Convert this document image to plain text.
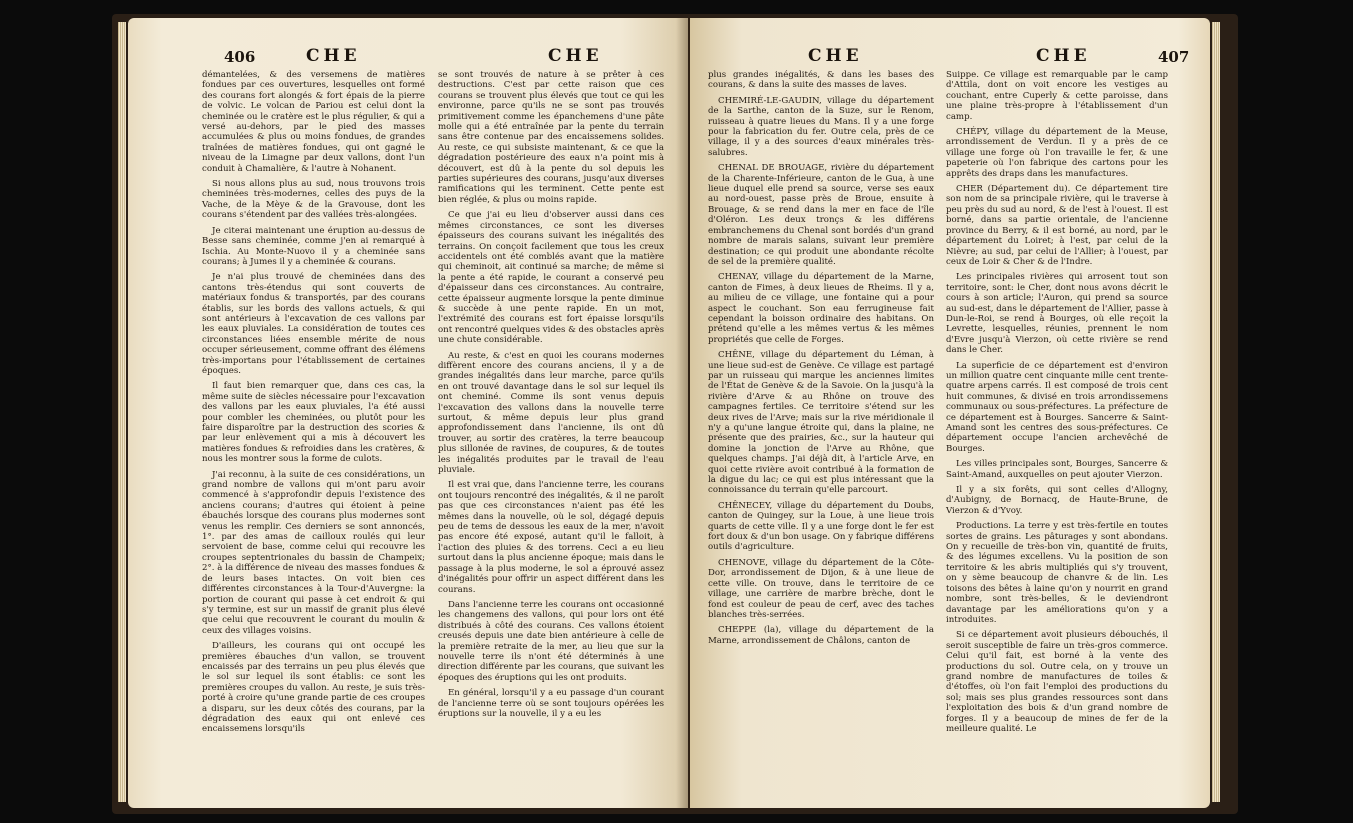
406	CHE	CHE

démantelées, & des versemens de matières fondues par ces ouvertures, lesquelles ont formé des courans fort alongés & fort épais de la pierre de volvic. Le volcan de Pariou est celui dont la cheminée ou le cratère est le plus régulier, & qui a versé au-dehors, par le pied des masses accumulées & plus ou moins fondues, de grandes traînées de matières fondues, qui ont gagné le niveau de la Limagne par deux vallons, dont l'un conduit à Chamalière, & l'autre à Nohanent.

Si nous allons plus au sud, nous trouvons trois cheminées très-modernes, celles des puys de la Vache, de la Mèye & de la Gravouse, dont les courans s'étendent par des vallées très-alongées.

Je citerai maintenant une éruption au-dessus de Besse sans cheminée, comme j'en ai remarqué à Ischia. Au Monte-Nuovo il y a cheminée sans courans; à Jumes il y a cheminée & courans.

Je n'ai plus trouvé de cheminées dans des cantons très-étendus qui sont couverts de matériaux fondus & transportés, par des courans établis, sur les bords des vallons actuels, & qui sont antérieurs à l'excavation de ces vallons par les eaux pluviales. La considération de toutes ces circonstances liées ensemble mérite de nous occuper sérieusement, comme offrant des élémens très-importans pour l'établissement de certaines époques.

Il faut bien remarquer que, dans ces cas, la même suite de siècles nécessaire pour l'excavation des vallons par les eaux pluviales, l'a été aussi pour combler les cheminées, ou plutôt pour les faire disparoître par la destruction des scories & par leur enlèvement qui a mis à découvert les matières fondues & refroidies dans les cratères, & nous les montrer sous la forme de culots.

J'ai reconnu, à la suite de ces considérations, un grand nombre de vallons qui m'ont paru avoir commencé à s'approfondir depuis l'existence des anciens courans; d'autres qui étoient à peine ébauchés lorsque des courans plus modernes sont venus les remplir. Ces derniers se sont annoncés, 1°. par des amas de cailloux roulés qui leur servoient de base, comme celui qui recouvre les croupes septentrionales du bassin de Champeix; 2°. à la différence de niveau des masses fondues & de leurs bases intactes. On voit bien ces différentes circonstances à la Tour-d'Auvergne: la portion de courant qui passe à cet endroit & qui s'y termine, est sur un massif de granit plus élevé que celui que recouvrent le courant du moulin & ceux des villages voisins.

D'ailleurs, les courans qui ont occupé les premières ébauches d'un vallon, se trouvent encaissés par des terrains un peu plus élevés que le sol sur lequel ils sont établis: ce sont les premières croupes du vallon. Au reste, je suis très-porté à croire qu'une grande partie de ces croupes a disparu, sur les deux côtés des courans, par la dégradation des eaux qui ont enlevé ces encaissemens lorsqu'ils

se sont trouvés de nature à se prêter à ces destructions. C'est par cette raison que ces courans se trouvent plus élevés que tout ce qui les environne, parce qu'ils ne se sont pas trouvés primitivement comme les épanchemens d'une pâte molle qui a été entraînée par la pente du terrain sans être contenue par des encaissemens solides. Au reste, ce qui subsiste maintenant, & ce que la dégradation postérieure des eaux n'a point mis à découvert, est dû à la pente du sol depuis les parties supérieures des courans, jusqu'aux diverses ramifications qui les terminent. Cette pente est bien réglée, & plus ou moins rapide.

Ce que j'ai eu lieu d'observer aussi dans ces mêmes circonstances, ce sont les diverses épaisseurs des courans suivant les inégalités des terrains. On conçoit facilement que tous les creux accidentels ont été comblés avant que la matière qui cheminoit, ait continué sa marche; de même si la pente a été rapide, le courant a conservé peu d'épaisseur dans ces circonstances. Au contraire, cette épaisseur augmente lorsque la pente diminue & succède à une pente rapide. En un mot, l'extrémité des courans est fort épaisse lorsqu'ils ont rencontré quelques vides & des obstacles après une chute considérable.

Au reste, & c'est en quoi les courans modernes diffèrent encore des courans anciens, il y a de grandes inégalités dans leur marche, parce qu'ils en ont trouvé davantage dans le sol sur lequel ils ont cheminé. Comme ils sont venus depuis l'excavation des vallons dans la nouvelle terre surtout, & même depuis leur plus grand approfondissement dans l'ancienne, ils ont dû trouver, au sortir des cratères, la terre beaucoup plus sillonée de ravines, de coupures, & de toutes les inégalités produites par le travail de l'eau pluviale.

Il est vrai que, dans l'ancienne terre, les courans ont toujours rencontré des inégalités, & il ne paroît pas que ces circonstances n'aient pas été les mêmes dans la nouvelle, où le sol, dégagé depuis peu de tems de dessous les eaux de la mer, n'avoit pas encore été exposé, autant qu'il le falloit, à l'action des pluies & des torrens. Ceci a eu lieu surtout dans la plus ancienne époque; mais dans le passage à la plus moderne, le sol a éprouvé assez d'inégalités pour offrir un aspect différent dans les courans.

Dans l'ancienne terre les courans ont occasionné les changemens des vallons, qui pour lors ont été distribués à côté des courans. Ces vallons étoient creusés depuis une date bien antérieure à celle de la première retraite de la mer, au lieu que sur la nouvelle terre ils n'ont été déterminés à une direction différente par les courans, que suivant les époques des éruptions qui les ont produits.

En général, lorsqu'il y a eu passage d'un courant de l'ancienne terre où se sont toujours opérées les éruptions sur la nouvelle, il y a eu les

CHE	CHE	407

plus grandes inégalités, & dans les bases des courans, & dans la suite des masses de laves.

CHEMIRÉ-LE-GAUDIN, village du département de la Sarthe, canton de la Suze, sur le Renom, ruisseau à quatre lieues du Mans. Il y a une forge pour la fabrication du fer. Outre cela, près de ce village, il y a des sources d'eaux minérales très-salubres.

CHENAL DE BROUAGE, rivière du département de la Charente-Inférieure, canton de le Gua, à une lieue duquel elle prend sa source, verse ses eaux au nord-ouest, passe près de Broue, ensuite à Brouage, & se rend dans la mer en face de l'île d'Oléron. Les deux tronçs & les différens embranchemens du Chenal sont bordés d'un grand nombre de marais salans, suivant leur première destination; ce qui produit une abondante récolte de sel de la première qualité.

CHENAY, village du département de la Marne, canton de Fimes, à deux lieues de Rheims. Il y a, au milieu de ce village, une fontaine qui a pour aspect le couchant. Son eau ferrugineuse fait cependant la boisson ordinaire des habitans. On prétend qu'elle a les mêmes vertus & les mêmes propriétés que celle de Forges.

CHÊNE, village du département du Léman, à une lieue sud-est de Genève. Ce village est partagé par un ruisseau qui marque les anciennes limites de l'État de Genève & de la Savoie. On la jusqu'à la rivière d'Arve & au Rhône on trouve des campagnes fertiles. Ce territoire s'étend sur les deux rives de l'Arve; mais sur la rive méridionale il n'y a qu'une langue étroite qui, dans la plaine, ne présente que des prairies, &c., sur la hauteur qui domine la jonction de l'Arve au Rhône, que quelques champs. J'ai déjà dit, à l'article Arve, en quoi cette rivière avoit contribué à la formation de la digue du lac; ce qui est plus intéressant que la connoissance du terrain qu'elle parcourt.

CHÊNECEY, village du département du Doubs, canton de Quingey, sur la Loue, à une lieue trois quarts de cette ville. Il y a une forge dont le fer est fort doux & d'un bon usage. On y fabrique différens outils d'agriculture.

CHENOVE, village du département de la Côte-Dor, arrondissement de Dijon, & à une lieue de cette ville. On trouve, dans le territoire de ce village, une carrière de marbre brèche, dont le fond est couleur de peau de cerf, avec des taches blanches très-serrées.

CHEPPE (la), village du département de la Marne, arrondissement de Châlons, canton de

Suippe. Ce village est remarquable par le camp d'Attila, dont on voit encore les vestiges au couchant, entre Cuperly & cette paroisse, dans une plaine très-propre à l'établissement d'un camp.

CHÉPY, village du département de la Meuse, arrondissement de Verdun. Il y a près de ce village une forge où l'on travaille le fer, & une papeterie où l'on fabrique des cartons pour les apprêts des draps dans les manufactures.

CHER (Département du). Ce département tire son nom de sa principale rivière, qui le traverse à peu près du sud au nord, & de l'est à l'ouest. Il est borné, dans sa partie orientale, de l'ancienne province du Berry, & il est borné, au nord, par le département du Loiret; à l'est, par celui de la Nièvre; au sud, par celui de l'Allier; à l'ouest, par ceux de Loir & Cher & de l'Indre.

Les principales rivières qui arrosent tout son territoire, sont: le Cher, dont nous avons décrit le cours à son article; l'Auron, qui prend sa source au sud-est, dans le département de l'Allier, passe à Dun-le-Roi, se rend à Bourges, où elle reçoit la Levrette, lesquelles, réunies, prennent le nom d'Evre jusqu'à Vierzon, où cette rivière se rend dans le Cher.

La superficie de ce département est d'environ un million quatre cent cinquante mille cent trente-quatre arpens carrés. Il est composé de trois cent huit communes, & divisé en trois arrondissemens communaux ou sous-préfectures. La préfecture de ce département est à Bourges. Sancerre & Saint-Amand sont les centres des sous-préfectures. Ce département occupe l'ancien archevêché de Bourges.

Les villes principales sont, Bourges, Sancerre & Saint-Amand, auxquelles on peut ajouter Vierzon.

Il y a six forêts, qui sont celles d'Allogny, d'Aubigny, de Bornacq, de Haute-Brune, de Vierzon & d'Yvoy.

Productions. La terre y est très-fertile en toutes sortes de grains. Les pâturages y sont abondans. On y recueille de très-bon vin, quantité de fruits, & des légumes excellens. Vu la position de son territoire & les abris multipliés qui s'y trouvent, on y sème beaucoup de chanvre & de lin. Les toisons des bêtes à laine qu'on y nourrit en grand nombre, sont très-belles, & le deviendront davantage par les améliorations qu'on y a introduites.

Si ce département avoit plusieurs débouchés, il seroit susceptible de faire un très-gros commerce. Celui qu'il fait, est borné à la vente des productions du sol. Outre cela, on y trouve un grand nombre de manufactures de toiles & d'étoffes, où l'on fait l'emploi des productions du sol; mais ses plus grandes ressources sont dans l'exploitation des bois & d'un grand nombre de forges. Il y a beaucoup de mines de fer de la meilleure qualité. Le
